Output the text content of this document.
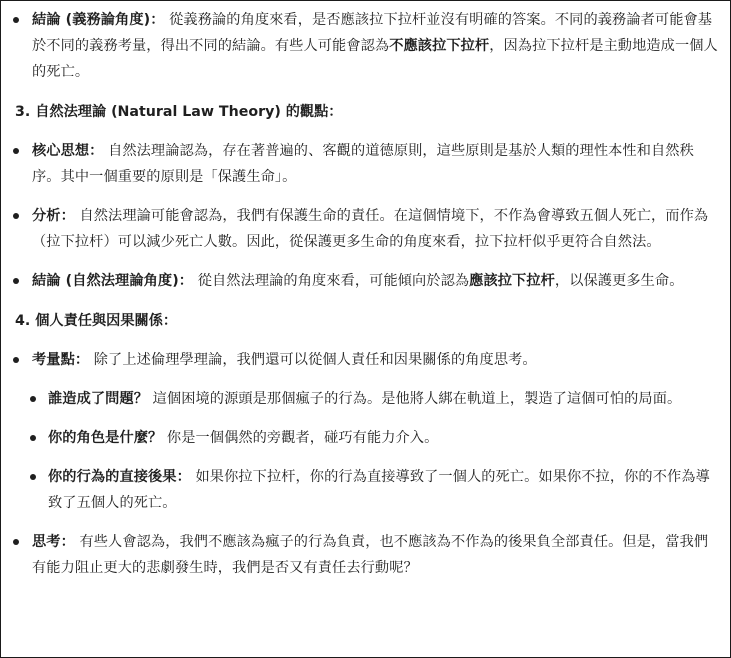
結論 (義務論角度)： 從義務論的角度來看，是否應該拉下拉杆並沒有明確的答案。不同的義務論者可能會基於不同的義務考量，得出不同的結論。有些人可能會認為不應該拉下拉杆，因為拉下拉杆是主動地造成一個人的死亡。
3. 自然法理論 (Natural Law Theory) 的觀點：
核心思想： 自然法理論認為，存在著普遍的、客觀的道德原則，這些原則是基於人類的理性本性和自然秩序。其中一個重要的原則是「保護生命」。
分析： 自然法理論可能會認為，我們有保護生命的責任。在這個情境下，不作為會導致五個人死亡，而作為（拉下拉杆）可以減少死亡人數。因此，從保護更多生命的角度來看，拉下拉杆似乎更符合自然法。
結論 (自然法理論角度)： 從自然法理論的角度來看，可能傾向於認為應該拉下拉杆，以保護更多生命。
4. 個人責任與因果關係：
考量點： 除了上述倫理學理論，我們還可以從個人責任和因果關係的角度思考。
誰造成了問題？ 這個困境的源頭是那個瘋子的行為。是他將人綁在軌道上，製造了這個可怕的局面。
你的角色是什麼？ 你是一個偶然的旁觀者，碰巧有能力介入。
你的行為的直接後果： 如果你拉下拉杆，你的行為直接導致了一個人的死亡。如果你不拉，你的不作為導致了五個人的死亡。
思考： 有些人會認為，我們不應該為瘋子的行為負責，也不應該為不作為的後果負全部責任。但是，當我們有能力阻止更大的悲劇發生時，我們是否又有責任去行動呢？
